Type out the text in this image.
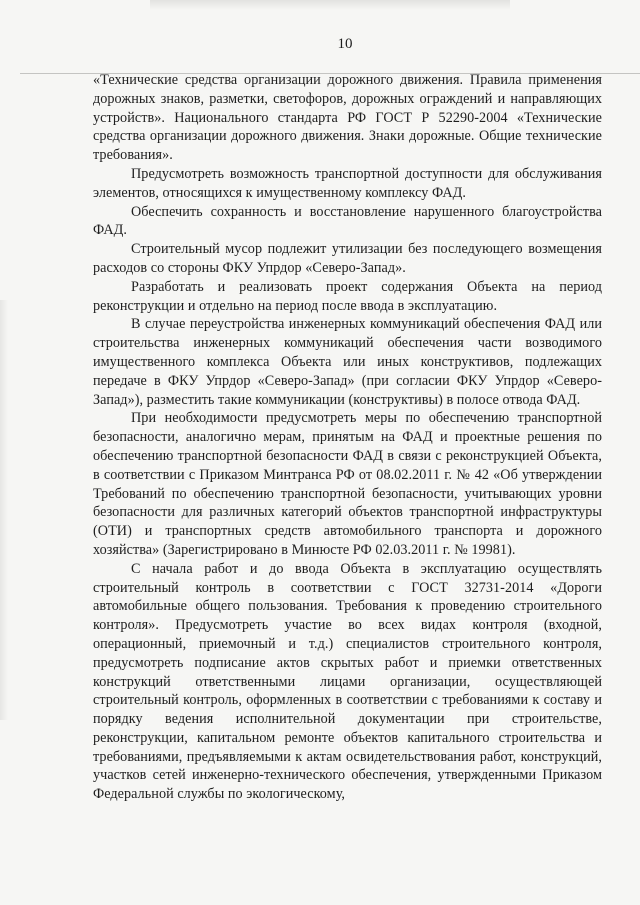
10

«Технические средства организации дорожного движения. Правила применения дорожных знаков, разметки, светофоров, дорожных ограждений и направляющих устройств». Национального стандарта РФ ГОСТ Р 52290-2004 «Технические средства организации дорожного движения. Знаки дорожные. Общие технические требования».

Предусмотреть возможность транспортной доступности для обслуживания элементов, относящихся к имущественному комплексу ФАД.

Обеспечить сохранность и восстановление нарушенного благоустройства ФАД.

Строительный мусор подлежит утилизации без последующего возмещения расходов со стороны ФКУ Упрдор «Северо-Запад».

Разработать и реализовать проект содержания Объекта на период реконструкции и отдельно на период после ввода в эксплуатацию.

В случае переустройства инженерных коммуникаций обеспечения ФАД или строительства инженерных коммуникаций обеспечения части возводимого имущественного комплекса Объекта или иных конструктивов, подлежащих передаче в ФКУ Упрдор «Северо-Запад» (при согласии ФКУ Упрдор «Северо-Запад»), разместить такие коммуникации (конструктивы) в полосе отвода ФАД.

При необходимости предусмотреть меры по обеспечению транспортной безопасности, аналогично мерам, принятым на ФАД и проектные решения по обеспечению транспортной безопасности ФАД в связи с реконструкцией Объекта, в соответствии с Приказом Минтранса РФ от 08.02.2011 г. № 42 «Об утверждении Требований по обеспечению транспортной безопасности, учитывающих уровни безопасности для различных категорий объектов транспортной инфраструктуры (ОТИ) и транспортных средств автомобильного транспорта и дорожного хозяйства» (Зарегистрировано в Минюсте РФ 02.03.2011 г. № 19981).

С начала работ и до ввода Объекта в эксплуатацию осуществлять строительный контроль в соответствии с ГОСТ 32731-2014 «Дороги автомобильные общего пользования. Требования к проведению строительного контроля». Предусмотреть участие во всех видах контроля (входной, операционный, приемочный и т.д.) специалистов строительного контроля, предусмотреть подписание актов скрытых работ и приемки ответственных конструкций ответственными лицами организации, осуществляющей строительный контроль, оформленных в соответствии с требованиями к составу и порядку ведения исполнительной документации при строительстве, реконструкции, капитальном ремонте объектов капитального строительства и требованиями, предъявляемыми к актам освидетельствования работ, конструкций, участков сетей инженерно-технического обеспечения, утвержденными Приказом Федеральной службы по экологическому,
